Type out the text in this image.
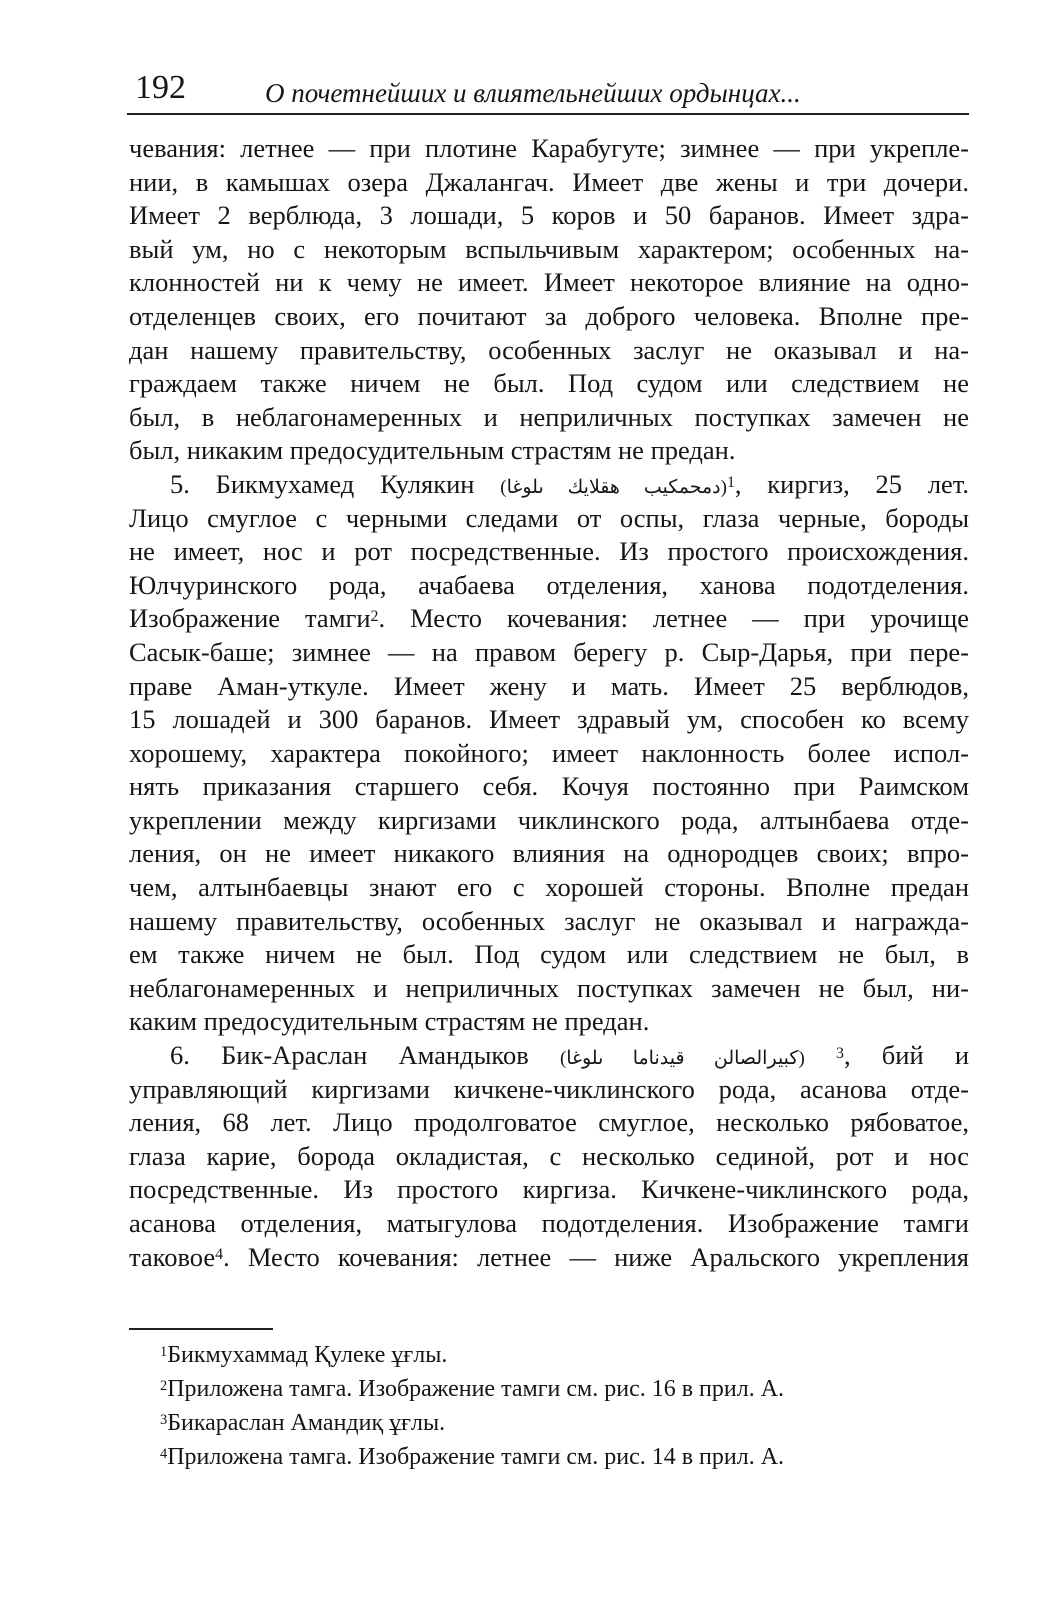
192	О почетнейших и влиятельнейших ордынцах...
чевания: летнее — при плотине Карабугуте; зимнее — при укрепле-
нии, в камышах озера Джалангач. Имеет две жены и три дочери.
Имеет 2 верблюда, 3 лошади, 5 коров и 50 баранов. Имеет здра-
вый ум, но с некоторым вспыльчивым характером; особенных на-
клонностей ни к чему не имеет. Имеет некоторое влияние на одно-
отделенцев своих, его почитают за доброго человека. Вполне пре-
дан нашему правительству, особенных заслуг не оказывал и на-
граждаем также ничем не был. Под судом или следствием не
был, в неблагонамеренных и неприличных поступках замечен не
был, никаким предосудительным страстям не предан.
5. Бикмухамед Кулякин (دمحمكيب هقلايك ىلوغا)$^1$, киргиз, 25 лет.
Лицо смуглое с черными следами от оспы, глаза черные, бороды
не имеет, нос и рот посредственные. Из простого происхождения.
Юлчуринского рода, ачабаева отделения, ханова подотделения.
Изображение тамги$^2$. Место кочевания: летнее — при урочище
Сасык-баше; зимнее — на правом берегу р. Сыр-Дарья, при пере-
праве Аман-уткуле. Имеет жену и мать. Имеет 25 верблюдов,
15 лошадей и 300 баранов. Имеет здравый ум, способен ко всему
хорошему, характера покойного; имеет наклонность более испол-
нять приказания старшего себя. Кочуя постоянно при Раимском
укреплении между киргизами чиклинского рода, алтынбаева отде-
ления, он не имеет никакого влияния на однородцев своих; впро-
чем, алтынбаевцы знают его с хорошей стороны. Вполне предан
нашему правительству, особенных заслуг не оказывал и награжда-
ем также ничем не был. Под судом или следствием не был, в
неблагонамеренных и неприличных поступках замечен не был, ни-
каким предосудительным страстям не предан.
6. Бик-Араслан Амандыков (كبيرالصالن قيدناما ىلوغا) $^3$, бий и
управляющий киргизами кичкене-чиклинского рода, асанова отде-
ления, 68 лет. Лицо продолговатое смуглое, несколько рябоватое,
глаза карие, борода окладистая, с несколько сединой, рот и нос
посредственные. Из простого киргиза. Кичкене-чиклинского рода,
асанова отделения, матыгулова подотделения. Изображение тамги
таковое$^4$. Место кочевания: летнее — ниже Аральского укрепления
$^1$Бикмухаммад Қулеке ұғлы.
$^2$Приложена тамга. Изображение тамги см. рис. 16 в прил. А.
$^3$Бикараслан Амандиқ ұғлы.
$^4$Приложена тамга. Изображение тамги см. рис. 14 в прил. А.
